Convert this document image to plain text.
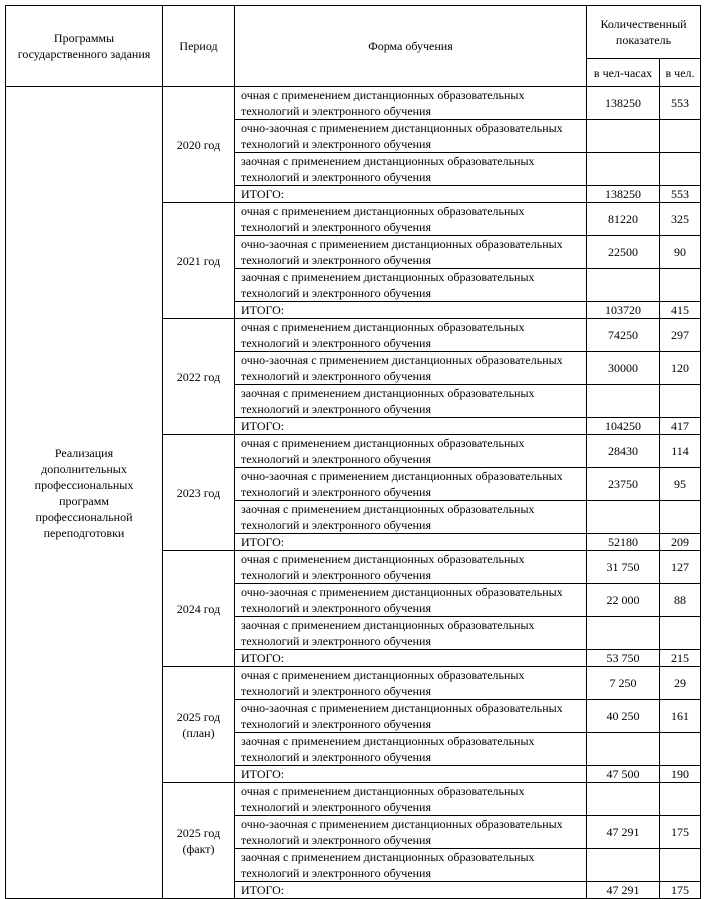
Программы государственного задания	Период	Форма обучения	Количественный показатель	
			в чел-часах	в чел.
Реализация дополнительных профессиональных программ профессиональной переподготовки	2020 год	очная с применением дистанционных образовательных технологий и электронного обучения	138250	553
		очно-заочная с применением дистанционных образовательных технологий и электронного обучения		
		заочная с применением дистанционных образовательных технологий и электронного обучения		
		ИТОГО:	138250	553
	2021 год	очная с применением дистанционных образовательных технологий и электронного обучения	81220	325
		очно-заочная с применением дистанционных образовательных технологий и электронного обучения	22500	90
		заочная с применением дистанционных образовательных технологий и электронного обучения		
		ИТОГО:	103720	415
	2022 год	очная с применением дистанционных образовательных технологий и электронного обучения	74250	297
		очно-заочная с применением дистанционных образовательных технологий и электронного обучения	30000	120
		заочная с применением дистанционных образовательных технологий и электронного обучения		
		ИТОГО:	104250	417
	2023 год	очная с применением дистанционных образовательных технологий и электронного обучения	28430	114
		очно-заочная с применением дистанционных образовательных технологий и электронного обучения	23750	95
		заочная с применением дистанционных образовательных технологий и электронного обучения		
		ИТОГО:	52180	209
	2024 год	очная с применением дистанционных образовательных технологий и электронного обучения	31 750	127
		очно-заочная с применением дистанционных образовательных технологий и электронного обучения	22 000	88
		заочная с применением дистанционных образовательных технологий и электронного обучения		
		ИТОГО:	53 750	215
	2025 год (план)	очная с применением дистанционных образовательных технологий и электронного обучения	7 250	29
		очно-заочная с применением дистанционных образовательных технологий и электронного обучения	40 250	161
		заочная с применением дистанционных образовательных технологий и электронного обучения		
		ИТОГО:	47 500	190
	2025 год (факт)	очная с применением дистанционных образовательных технологий и электронного обучения		
		очно-заочная с применением дистанционных образовательных технологий и электронного обучения	47 291	175
		заочная с применением дистанционных образовательных технологий и электронного обучения		
		ИТОГО:	47 291	175
